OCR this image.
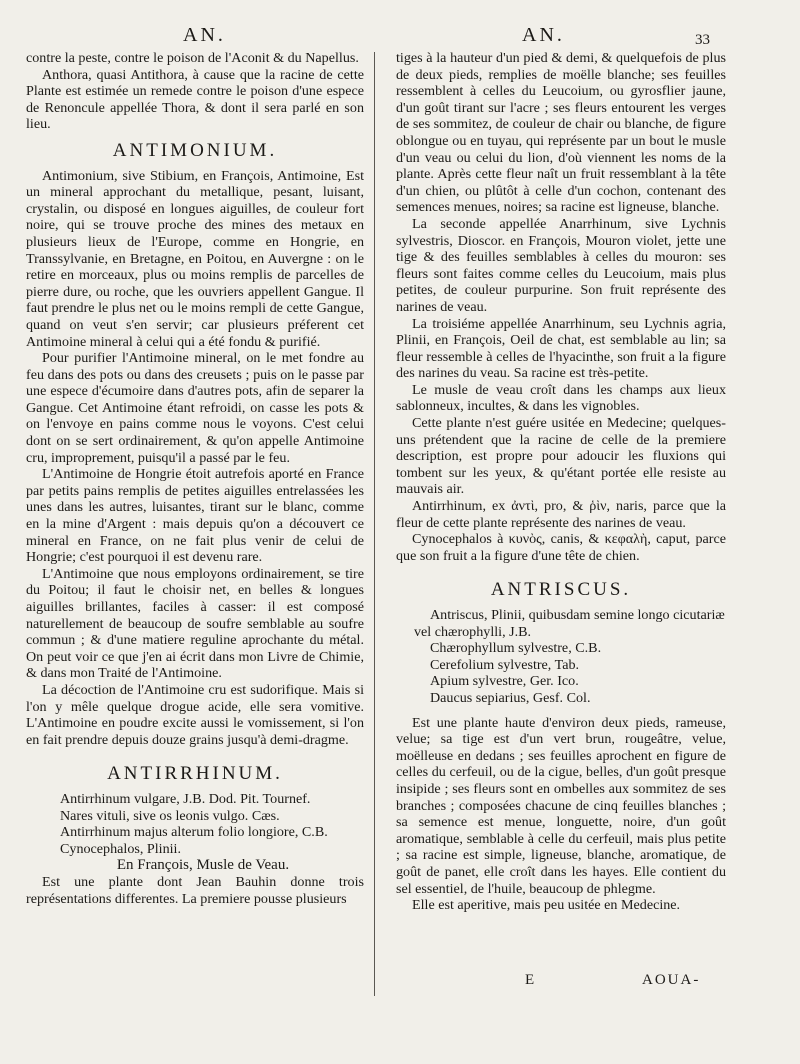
AN.	AN.	33

contre la peste, contre le poison de l'Aconit & du Napellus.

Anthora, quasi Antithora, à cause que la racine de cette Plante est estimée un remede contre le poison d'une espece de Renoncule appellée Thora, & dont il sera parlé en son lieu.

ANTIMONIUM.

Antimonium, sive Stibium, en François, Antimoine, Est un mineral approchant du metallique, pesant, luisant, crystalin, ou disposé en longues aiguilles, de couleur fort noire, qui se trouve proche des mines des metaux en plusieurs lieux de l'Europe, comme en Hongrie, en Transsylvanie, en Bretagne, en Poitou, en Auvergne : on le retire en morceaux, plus ou moins remplis de parcelles de pierre dure, ou roche, que les ouvriers appellent Gangue. Il faut prendre le plus net ou le moins rempli de cette Gangue, quand on veut s'en servir; car plusieurs préferent cet Antimoine mineral à celui qui a été fondu & purifié.

Pour purifier l'Antimoine mineral, on le met fondre au feu dans des pots ou dans des creusets ; puis on le passe par une espece d'écumoire dans d'autres pots, afin de separer la Gangue. Cet Antimoine étant refroidi, on casse les pots & on l'envoye en pains comme nous le voyons. C'est celui dont on se sert ordinairement, & qu'on appelle Antimoine cru, improprement, puisqu'il a passé par le feu.

L'Antimoine de Hongrie étoit autrefois aporté en France par petits pains remplis de petites aiguilles entrelassées les unes dans les autres, luisantes, tirant sur le blanc, comme en la mine d'Argent : mais depuis qu'on a découvert ce mineral en France, on ne fait plus venir de celui de Hongrie; c'est pourquoi il est devenu rare.

L'Antimoine que nous employons ordinairement, se tire du Poitou; il faut le choisir net, en belles & longues aiguilles brillantes, faciles à casser: il est composé naturellement de beaucoup de soufre semblable au soufre commun ; & d'une matiere reguline aprochante du métal. On peut voir ce que j'en ai écrit dans mon Livre de Chimie, & dans mon Traité de l'Antimoine.

La décoction de l'Antimoine cru est sudorifique. Mais si l'on y mêle quelque drogue acide, elle sera vomitive. L'Antimoine en poudre excite aussi le vomissement, si l'on en fait prendre depuis douze grains jusqu'à demi-dragme.

ANTIRRHINUM.

Antirrhinum vulgare, J.B. Dod. Pit. Tournef.

Nares vituli, sive os leonis vulgo. Cæs.

Antirrhinum majus alterum folio longiore, C.B.

Cynocephalos, Plinii.

En François, Musle de Veau.

Est une plante dont Jean Bauhin donne trois représentations differentes. La premiere pousse plusieurs

tiges à la hauteur d'un pied & demi, & quelquefois de plus de deux pieds, remplies de moëlle blanche; ses feuilles ressemblent à celles du Leucoium, ou gyrosflier jaune, d'un goût tirant sur l'acre ; ses fleurs entourent les verges de ses sommitez, de couleur de chair ou blanche, de figure oblongue ou en tuyau, qui représente par un bout le musle d'un veau ou celui du lion, d'où viennent les noms de la plante. Après cette fleur naît un fruit ressemblant à la tête d'un chien, ou plûtôt à celle d'un cochon, contenant des semences menues, noires; sa racine est ligneuse, blanche.

La seconde appellée Anarrhinum, sive Lychnis sylvestris, Dioscor. en François, Mouron violet, jette une tige & des feuilles semblables à celles du mouron: ses fleurs sont faites comme celles du Leucoium, mais plus petites, de couleur purpurine. Son fruit représente des narines de veau.

La troisiéme appellée Anarrhinum, seu Lychnis agria, Plinii, en François, Oeil de chat, est semblable au lin; sa fleur ressemble à celles de l'hyacinthe, son fruit a la figure des narines du veau. Sa racine est très-petite.

Le musle de veau croît dans les champs aux lieux sablonneux, incultes, & dans les vignobles.

Cette plante n'est guére usitée en Medecine; quelques-uns prétendent que la racine de celle de la premiere description, est propre pour adoucir les fluxions qui tombent sur les yeux, & qu'étant portée elle resiste au mauvais air.

Antirrhinum, ex ἀντὶ, pro, & ῥὶν, naris, parce que la fleur de cette plante représente des narines de veau.

Cynocephalos à κυνὸς, canis, & κεφαλὴ, caput, parce que son fruit a la figure d'une tête de chien.

ANTRISCUS.

Antriscus, Plinii, quibusdam semine longo cicutariæ vel chærophylli, J.B.

Chærophyllum sylvestre, C.B.

Cerefolium sylvestre, Tab.

Apium sylvestre, Ger. Ico.

Daucus sepiarius, Gesf. Col.

Est une plante haute d'environ deux pieds, rameuse, velue; sa tige est d'un vert brun, rougeâtre, velue, moëlleuse en dedans ; ses feuilles aprochent en figure de celles du cerfeuil, ou de la cigue, belles, d'un goût presque insipide ; ses fleurs sont en ombelles aux sommitez de ses branches ; composées chacune de cinq feuilles blanches ; sa semence est menue, longuette, noire, d'un goût aromatique, semblable à celle du cerfeuil, mais plus petite ; sa racine est simple, ligneuse, blanche, aromatique, de goût de panet, elle croît dans les hayes. Elle contient du sel essentiel, de l'huile, beaucoup de phlegme.

Elle est aperitive, mais peu usitée en Medecine.

E	AOUA-
